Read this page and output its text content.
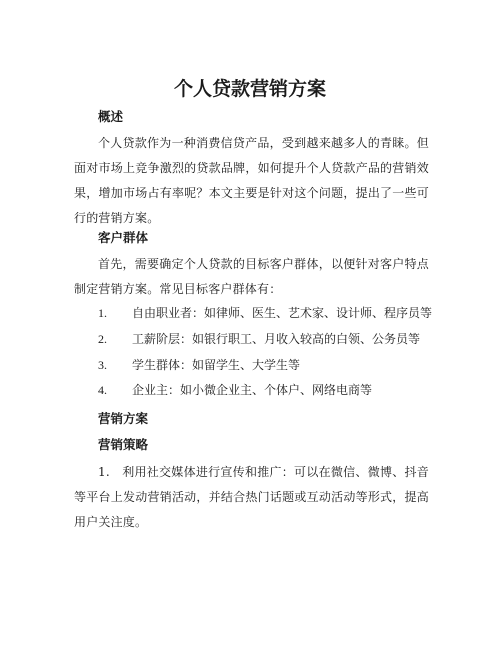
个人贷款营销方案
概述
个人贷款作为一种消费信贷产品，受到越来越多人的青睐。但面对市场上竞争激烈的贷款品牌，如何提升个人贷款产品的营销效果，增加市场占有率呢？本文主要是针对这个问题，提出了一些可行的营销方案。
客户群体
首先，需要确定个人贷款的目标客户群体，以便针对客户特点制定营销方案。常见目标客户群体有：
1. 自由职业者：如律师、医生、艺术家、设计师、程序员等
2. 工薪阶层：如银行职工、月收入较高的白领、公务员等
3. 学生群体：如留学生、大学生等
4. 企业主：如小微企业主、个体户、网络电商等
营销方案
营销策略
1.　利用社交媒体进行宣传和推广：可以在微信、微博、抖音等平台上发动营销活动，并结合热门话题或互动活动等形式，提高用户关注度。
